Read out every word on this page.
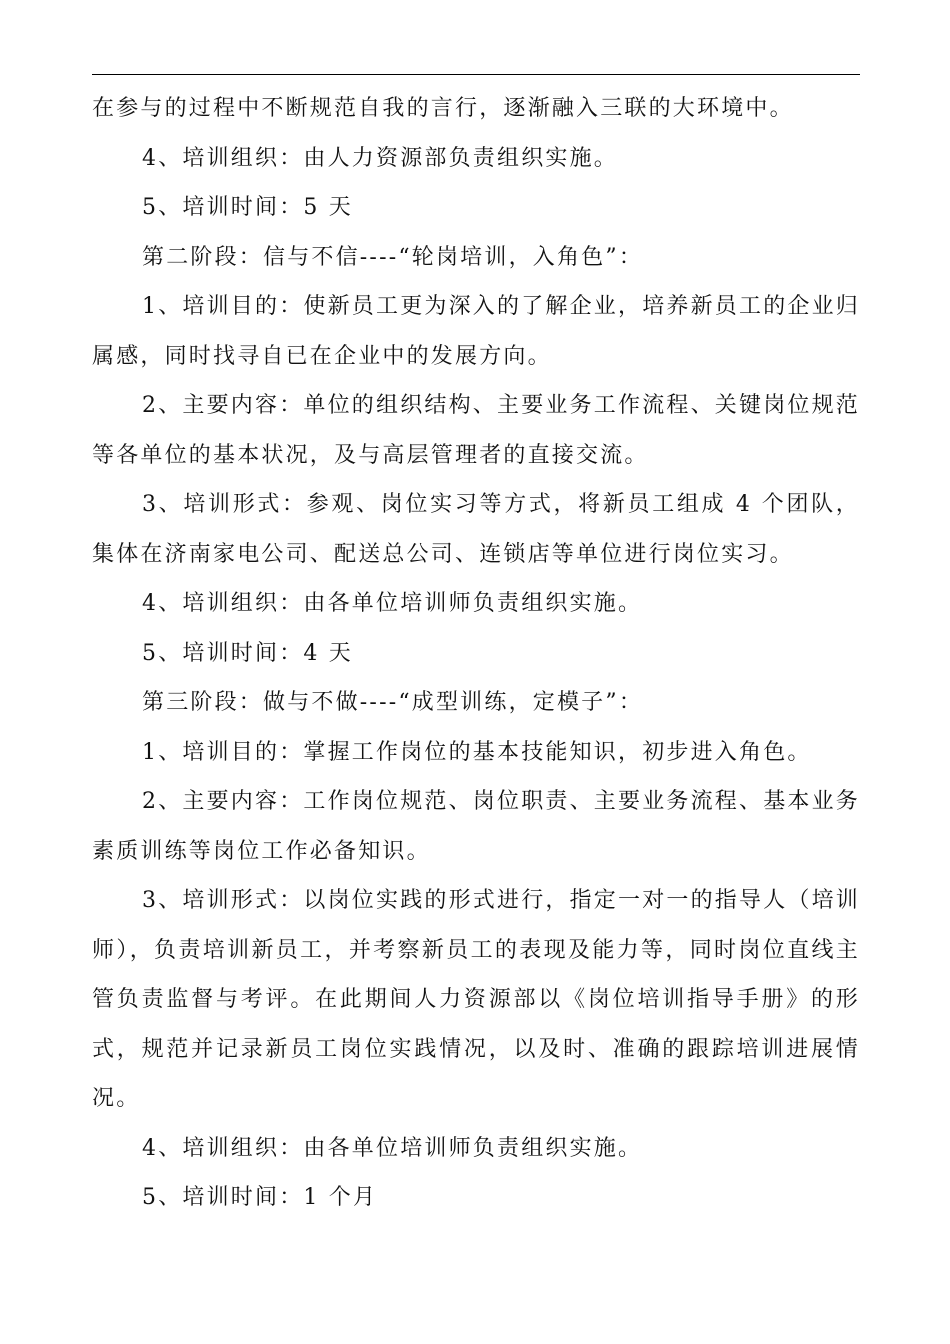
在参与的过程中不断规范自我的言行，逐渐融入三联的大环境中。

4、培训组织：由人力资源部负责组织实施。

5、培训时间：5 天

第二阶段：信与不信----“轮岗培训，入角色”：

1、培训目的：使新员工更为深入的了解企业，培养新员工的企业归属感，同时找寻自已在企业中的发展方向。

2、主要内容：单位的组织结构、主要业务工作流程、关键岗位规范等各单位的基本状况，及与高层管理者的直接交流。

3、培训形式：参观、岗位实习等方式，将新员工组成 4 个团队，集体在济南家电公司、配送总公司、连锁店等单位进行岗位实习。

4、培训组织：由各单位培训师负责组织实施。

5、培训时间：4 天

第三阶段：做与不做----“成型训练，定模子”：

1、培训目的：掌握工作岗位的基本技能知识，初步进入角色。

2、主要内容：工作岗位规范、岗位职责、主要业务流程、基本业务素质训练等岗位工作必备知识。

3、培训形式：以岗位实践的形式进行，指定一对一的指导人（培训师），负责培训新员工，并考察新员工的表现及能力等，同时岗位直线主管负责监督与考评。在此期间人力资源部以《岗位培训指导手册》的形式，规范并记录新员工岗位实践情况，以及时、准确的跟踪培训进展情况。

4、培训组织：由各单位培训师负责组织实施。

5、培训时间：1 个月
